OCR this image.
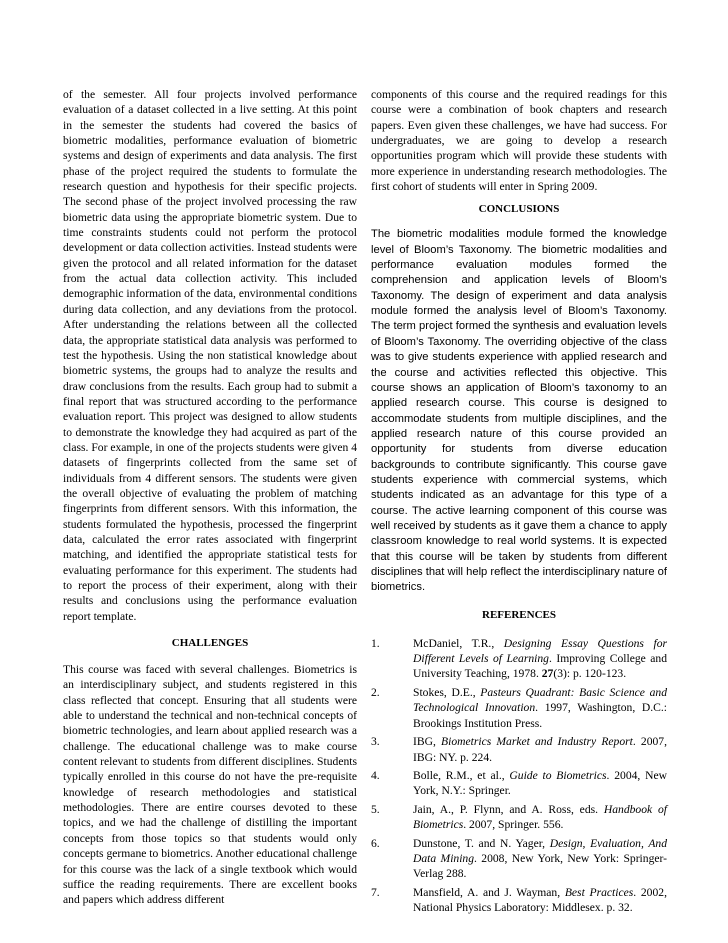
of the semester. All four projects involved performance evaluation of a dataset collected in a live setting. At this point in the semester the students had covered the basics of biometric modalities, performance evaluation of biometric systems and design of experiments and data analysis. The first phase of the project required the students to formulate the research question and hypothesis for their specific projects. The second phase of the project involved processing the raw biometric data using the appropriate biometric system. Due to time constraints students could not perform the protocol development or data collection activities. Instead students were given the protocol and all related information for the dataset from the actual data collection activity. This included demographic information of the data, environmental conditions during data collection, and any deviations from the protocol. After understanding the relations between all the collected data, the appropriate statistical data analysis was performed to test the hypothesis. Using the non statistical knowledge about biometric systems, the groups had to analyze the results and draw conclusions from the results. Each group had to submit a final report that was structured according to the performance evaluation report. This project was designed to allow students to demonstrate the knowledge they had acquired as part of the class. For example, in one of the projects students were given 4 datasets of fingerprints collected from the same set of individuals from 4 different sensors. The students were given the overall objective of evaluating the problem of matching fingerprints from different sensors. With this information, the students formulated the hypothesis, processed the fingerprint data, calculated the error rates associated with fingerprint matching, and identified the appropriate statistical tests for evaluating performance for this experiment. The students had to report the process of their experiment, along with their results and conclusions using the performance evaluation report template.

CHALLENGES

This course was faced with several challenges. Biometrics is an interdisciplinary subject, and students registered in this class reflected that concept. Ensuring that all students were able to understand the technical and non-technical concepts of biometric technologies, and learn about applied research was a challenge. The educational challenge was to make course content relevant to students from different disciplines. Students typically enrolled in this course do not have the pre-requisite knowledge of research methodologies and statistical methodologies. There are entire courses devoted to these topics, and we had the challenge of distilling the important concepts from those topics so that students would only concepts germane to biometrics. Another educational challenge for this course was the lack of a single textbook which would suffice the reading requirements. There are excellent books and papers which address different

components of this course and the required readings for this course were a combination of book chapters and research papers. Even given these challenges, we have had success. For undergraduates, we are going to develop a research opportunities program which will provide these students with more experience in understanding research methodologies. The first cohort of students will enter in Spring 2009.

CONCLUSIONS

The biometric modalities module formed the knowledge level of Bloom’s Taxonomy. The biometric modalities and performance evaluation modules formed the comprehension and application levels of Bloom’s Taxonomy. The design of experiment and data analysis module formed the analysis level of Bloom’s Taxonomy. The term project formed the synthesis and evaluation levels of Bloom’s Taxonomy. The overriding objective of the class was to give students experience with applied research and the course and activities reflected this objective. This course shows an application of Bloom’s taxonomy to an applied research course. This course is designed to accommodate students from multiple disciplines, and the applied research nature of this course provided an opportunity for students from diverse education backgrounds to contribute significantly. This course gave students experience with commercial systems, which students indicated as an advantage for this type of a course. The active learning component of this course was well received by students as it gave them a chance to apply classroom knowledge to real world systems. It is expected that this course will be taken by students from different disciplines that will help reflect the interdisciplinary nature of biometrics.

REFERENCES
1.	McDaniel, T.R., Designing Essay Questions for Different Levels of Learning. Improving College and University Teaching, 1978. 27(3): p. 120-123.
2.	Stokes, D.E., Pasteurs Quadrant: Basic Science and Technological Innovation. 1997, Washington, D.C.: Brookings Institution Press.
3.	IBG, Biometrics Market and Industry Report. 2007, IBG: NY. p. 224.
4.	Bolle, R.M., et al., Guide to Biometrics. 2004, New York, N.Y.: Springer.
5.	Jain, A., P. Flynn, and A. Ross, eds. Handbook of Biometrics. 2007, Springer. 556.
6.	Dunstone, T. and N. Yager, Design, Evaluation, And Data Mining. 2008, New York, New York: Springer-Verlag 288.
7.	Mansfield, A. and J. Wayman, Best Practices. 2002, National Physics Laboratory: Middlesex. p. 32.
